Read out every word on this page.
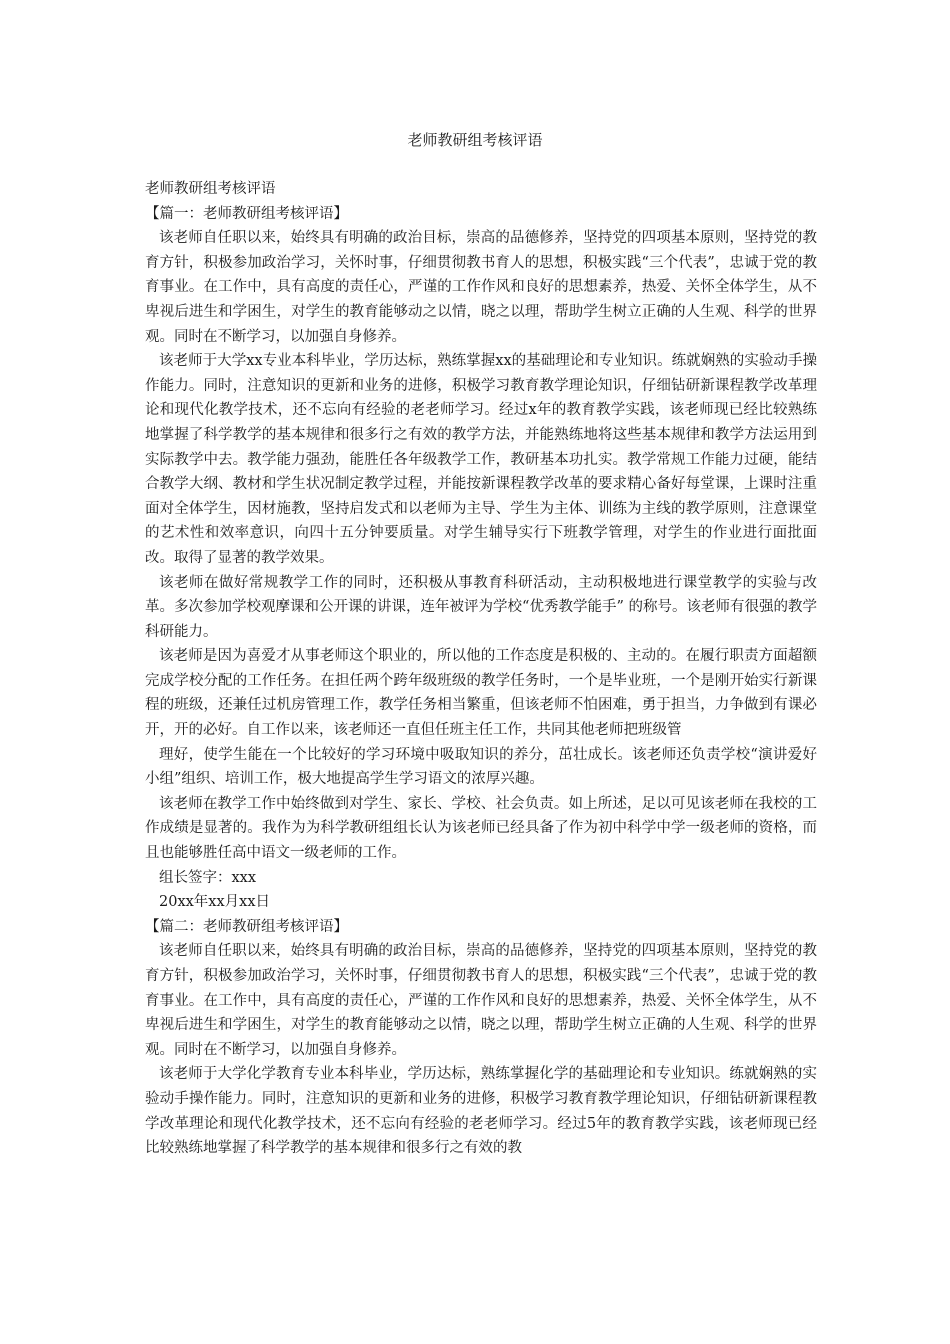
老师教研组考核评语

老师教研组考核评语

【篇一：老师教研组考核评语】

该老师自任职以来，始终具有明确的政治目标，崇高的品德修养，坚持党的四项基本原则，坚持党的教育方针，积极参加政治学习，关怀时事，仔细贯彻教书育人的思想，积极实践“三个代表”，忠诚于党的教育事业。在工作中，具有高度的责任心，严谨的工作作风和良好的思想素养，热爱、关怀全体学生，从不卑视后进生和学困生，对学生的教育能够动之以情，晓之以理，帮助学生树立正确的人生观、科学的世界观。同时在不断学习，以加强自身修养。

该老师于大学xx专业本科毕业，学历达标，熟练掌握xx的基础理论和专业知识。练就娴熟的实验动手操作能力。同时，注意知识的更新和业务的进修，积极学习教育教学理论知识，仔细钻研新课程教学改革理论和现代化教学技术，还不忘向有经验的老老师学习。经过x年的教育教学实践，该老师现已经比较熟练地掌握了科学教学的基本规律和很多行之有效的教学方法，并能熟练地将这些基本规律和教学方法运用到实际教学中去。教学能力强劲，能胜任各年级教学工作，教研基本功扎实。教学常规工作能力过硬，能结合教学大纲、教材和学生状况制定教学过程，并能按新课程教学改革的要求精心备好每堂课，上课时注重面对全体学生，因材施教，坚持启发式和以老师为主导、学生为主体、训练为主线的教学原则，注意课堂的艺术性和效率意识，向四十五分钟要质量。对学生辅导实行下班教学管理，对学生的作业进行面批面改。取得了显著的教学效果。

该老师在做好常规教学工作的同时，还积极从事教育科研活动，主动积极地进行课堂教学的实验与改革。多次参加学校观摩课和公开课的讲课，连年被评为学校“优秀教学能手” 的称号。该老师有很强的教学科研能力。

该老师是因为喜爱才从事老师这个职业的，所以他的工作态度是积极的、主动的。在履行职责方面超额完成学校分配的工作任务。在担任两个跨年级班级的教学任务时，一个是毕业班，一个是刚开始实行新课程的班级，还兼任过机房管理工作，教学任务相当繁重，但该老师不怕困难，勇于担当，力争做到有课必开，开的必好。自工作以来，该老师还一直但任班主任工作，共同其他老师把班级管

理好，使学生能在一个比较好的学习环境中吸取知识的养分，茁壮成长。该老师还负责学校“演讲爱好小组”组织、培训工作，极大地提高学生学习语文的浓厚兴趣。

该老师在教学工作中始终做到对学生、家长、学校、社会负责。如上所述，足以可见该老师在我校的工作成绩是显著的。我作为为科学教研组组长认为该老师已经具备了作为初中科学中学一级老师的资格，而且也能够胜任高中语文一级老师的工作。

组长签字：xxx

20xx年xx月xx日

【篇二：老师教研组考核评语】

该老师自任职以来，始终具有明确的政治目标，崇高的品德修养，坚持党的四项基本原则，坚持党的教育方针，积极参加政治学习，关怀时事，仔细贯彻教书育人的思想，积极实践“三个代表”，忠诚于党的教育事业。在工作中，具有高度的责任心，严谨的工作作风和良好的思想素养，热爱、关怀全体学生，从不卑视后进生和学困生，对学生的教育能够动之以情，晓之以理，帮助学生树立正确的人生观、科学的世界观。同时在不断学习，以加强自身修养。

该老师于大学化学教育专业本科毕业，学历达标，熟练掌握化学的基础理论和专业知识。练就娴熟的实验动手操作能力。同时，注意知识的更新和业务的进修，积极学习教育教学理论知识，仔细钻研新课程教学改革理论和现代化教学技术，还不忘向有经验的老老师学习。经过5年的教育教学实践，该老师现已经比较熟练地掌握了科学教学的基本规律和很多行之有效的教
